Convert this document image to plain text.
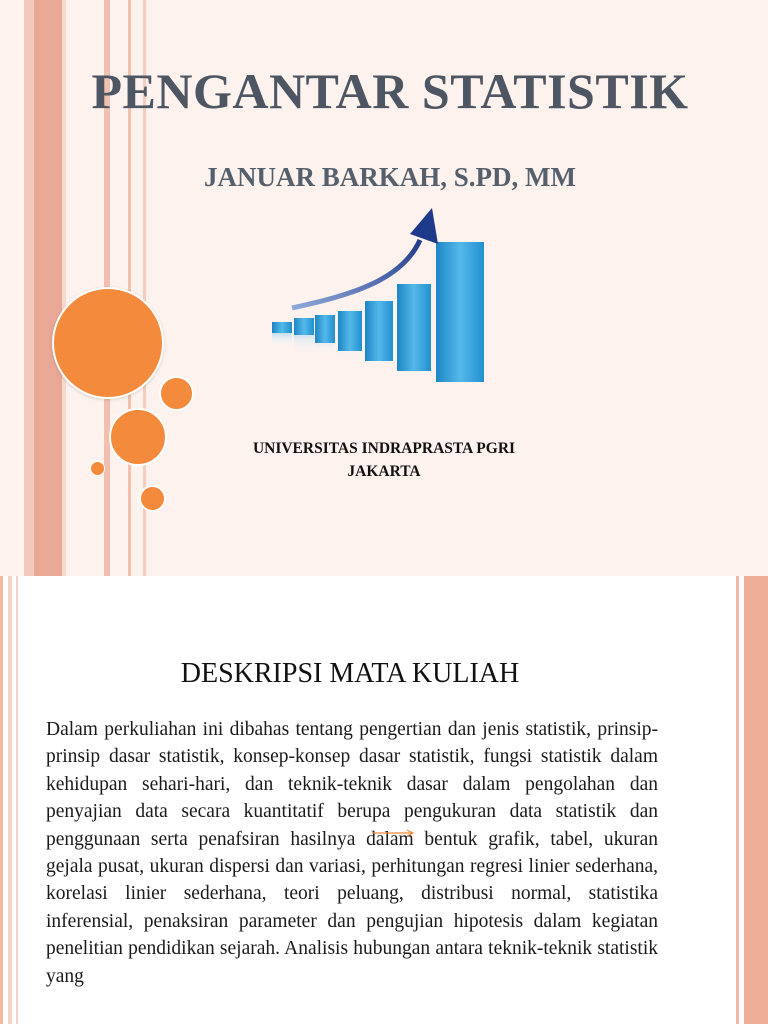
PENGANTAR STATISTIK
JANUAR BARKAH, S.PD, MM
UNIVERSITAS INDRAPRASTA PGRI
JAKARTA
DESKRIPSI MATA KULIAH

Dalam perkuliahan ini dibahas tentang pengertian dan jenis statistik, prinsip-prinsip dasar statistik, konsep-konsep dasar statistik, fungsi statistik dalam kehidupan sehari-hari, dan teknik-teknik dasar dalam pengolahan dan penyajian data secara kuantitatif berupa pengukuran data statistik dan penggunaan serta penafsiran hasilnya dalam bentuk grafik, tabel, ukuran gejala pusat, ukuran dispersi dan variasi, perhitungan regresi linier sederhana, korelasi linier sederhana, teori peluang, distribusi normal, statistika inferensial, penaksiran parameter dan pengujian hipotesis dalam kegiatan penelitian pendidikan sejarah. Analisis hubungan antara teknik-teknik statistik yang
